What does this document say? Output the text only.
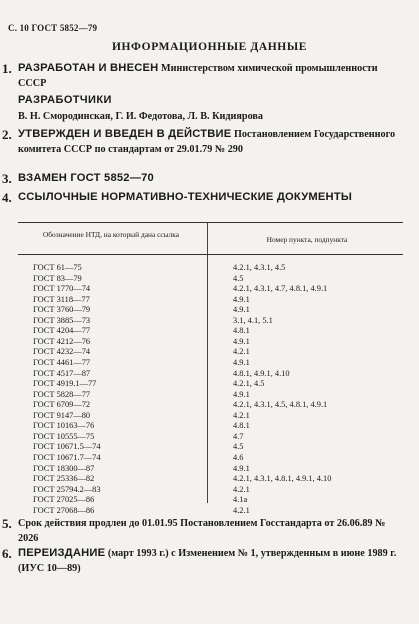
С. 10 ГОСТ 5852—79
ИНФОРМАЦИОННЫЕ ДАННЫЕ
1. РАЗРАБОТАН И ВНЕСЕН Министерством химической промышленности СССР
РАЗРАБОТЧИКИ
В. Н. Смородинская, Г. И. Федотова, Л. В. Кидиярова
2. УТВЕРЖДЕН И ВВЕДЕН В ДЕЙСТВИЕ Постановлением Государственного комитета СССР по стандартам от 29.01.79 № 290
3. ВЗАМЕН ГОСТ 5852—70
4. ССЫЛОЧНЫЕ НОРМАТИВНО-ТЕХНИЧЕСКИЕ ДОКУМЕНТЫ
Обозначение НТД, на который дана ссылка
Номер пункта, подпункта
ГОСТ 61—75	4.2.1, 4.3.1, 4.5
ГОСТ 83—79	4.5
ГОСТ 1770—74	4.2.1, 4.3.1, 4.7, 4.8.1, 4.9.1
ГОСТ 3118—77	4.9.1
ГОСТ 3760—79	4.9.1
ГОСТ 3885—73	3.1, 4.1, 5.1
ГОСТ 4204—77	4.8.1
ГОСТ 4212—76	4.9.1
ГОСТ 4232—74	4.2.1
ГОСТ 4461—77	4.9.1
ГОСТ 4517—87	4.8.1, 4.9.1, 4.10
ГОСТ 4919.1—77	4.2.1, 4.5
ГОСТ 5828—77	4.9.1
ГОСТ 6709—72	4.2.1, 4.3.1, 4.5, 4.8.1, 4.9.1
ГОСТ 9147—80	4.2.1
ГОСТ 10163—76	4.8.1
ГОСТ 10555—75	4.7
ГОСТ 10671.5—74	4.5
ГОСТ 10671.7—74	4.6
ГОСТ 18300—87	4.9.1
ГОСТ 25336—82	4.2.1, 4.3.1, 4.8.1, 4.9.1, 4.10
ГОСТ 25794.2—83	4.2.1
ГОСТ 27025—86	4.1а
ГОСТ 27068—86	4.2.1
5. Срок действия продлен до 01.01.95 Постановлением Госстандарта от 26.06.89 № 2026
6. ПЕРЕИЗДАНИЕ (март 1993 г.) с Изменением № 1, утвержденным в июне 1989 г. (ИУС 10—89)
